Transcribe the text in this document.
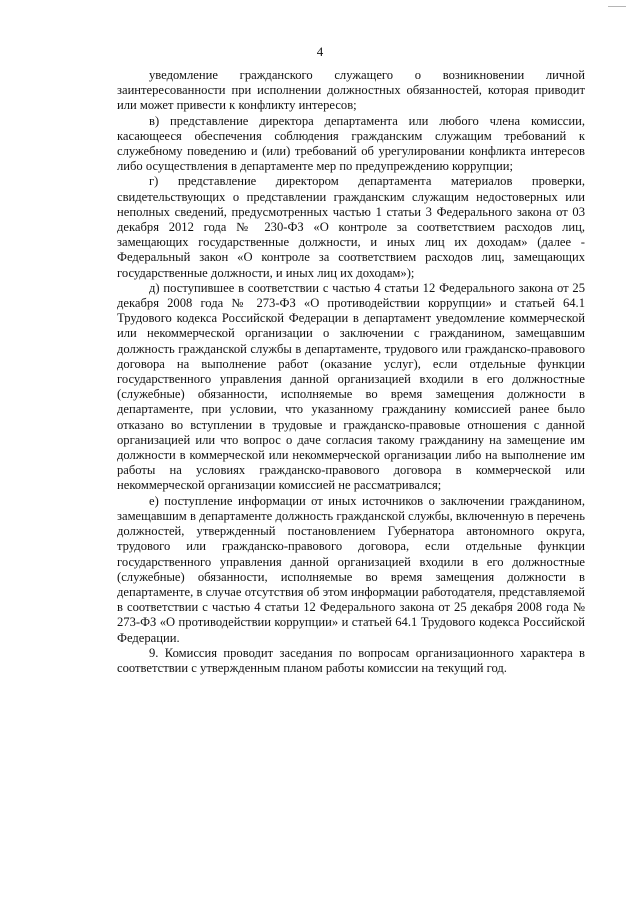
4

уведомление гражданского служащего о возникновении личной заинтересованности при исполнении должностных обязанностей, которая приводит или может привести к конфликту интересов;

в) представление директора департамента или любого члена комиссии, касающееся обеспечения соблюдения гражданским служащим требований к служебному поведению и (или) требований об урегулировании конфликта интересов либо осуществления в департаменте мер по предупреждению коррупции;

г) представление директором департамента материалов проверки, свидетельствующих о представлении гражданским служащим недостоверных или неполных сведений, предусмотренных частью 1 статьи 3 Федерального закона от 03 декабря 2012 года № 230-ФЗ «О контроле за соответствием расходов лиц, замещающих государственные должности, и иных лиц их доходам» (далее - Федеральный закон «О контроле за соответствием расходов лиц, замещающих государственные должности, и иных лиц их доходам»);

д) поступившее в соответствии с частью 4 статьи 12 Федерального закона от 25 декабря 2008 года № 273-ФЗ «О противодействии коррупции» и статьей 64.1 Трудового кодекса Российской Федерации в департамент уведомление коммерческой или некоммерческой организации о заключении с гражданином, замещавшим должность гражданской службы в департаменте, трудового или гражданско-правового договора на выполнение работ (оказание услуг), если отдельные функции государственного управления данной организацией входили в его должностные (служебные) обязанности, исполняемые во время замещения должности в департаменте, при условии, что указанному гражданину комиссией ранее было отказано во вступлении в трудовые и гражданско-правовые отношения с данной организацией или что вопрос о даче согласия такому гражданину на замещение им должности в коммерческой или некоммерческой организации либо на выполнение им работы на условиях гражданско-правового договора в коммерческой или некоммерческой организации комиссией не рассматривался;

е) поступление информации от иных источников о заключении гражданином, замещавшим в департаменте должность гражданской службы, включенную в перечень должностей, утвержденный постановлением Губернатора автономного округа, трудового или гражданско-правового договора, если отдельные функции государственного управления данной организацией входили в его должностные (служебные) обязанности, исполняемые во время замещения должности в департаменте, в случае отсутствия об этом информации работодателя, представляемой в соответствии с частью 4 статьи 12 Федерального закона от 25 декабря 2008 года № 273-ФЗ «О противодействии коррупции» и статьей 64.1 Трудового кодекса Российской Федерации.

9. Комиссия проводит заседания по вопросам организационного характера в соответствии с утвержденным планом работы комиссии на текущий год.
